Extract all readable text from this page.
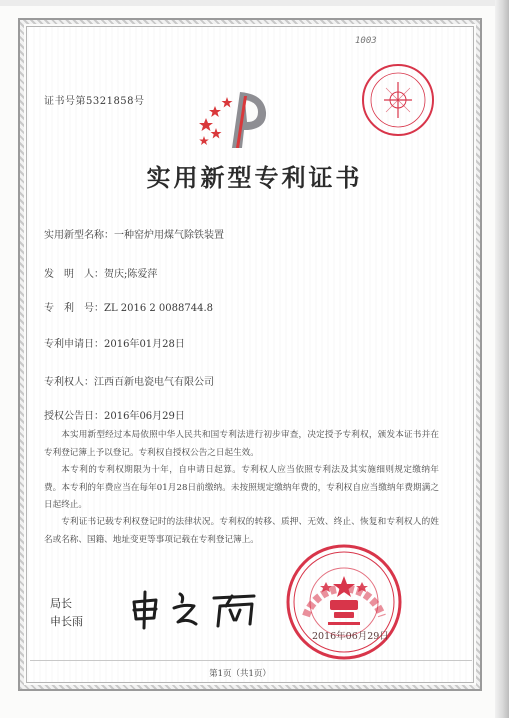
1003
证书号第5321858号
实用新型专利证书
实用新型名称：一种窑炉用煤气除铁装置
发　明　人：贺庆;陈爱萍
专　利　号：ZL 2016 2 0088744.8
专利申请日：2016年01月28日
专利权人：江西百新电瓷电气有限公司
授权公告日：2016年06月29日
本实用新型经过本局依照中华人民共和国专利法进行初步审查，决定授予专利权，颁发本证书并在专利登记簿上予以登记。专利权自授权公告之日起生效。
本专利的专利权期限为十年，自申请日起算。专利权人应当依照专利法及其实施细则规定缴纳年费。本专利的年费应当在每年01月28日前缴纳。未按照规定缴纳年费的，专利权自应当缴纳年费期满之日起终止。
专利证书记载专利权登记时的法律状况。专利权的转移、质押、无效、终止、恢复和专利权人的姓名或名称、国籍、地址变更等事项记载在专利登记簿上。
局长
申长雨
2016年06月29日
第1页（共1页）
